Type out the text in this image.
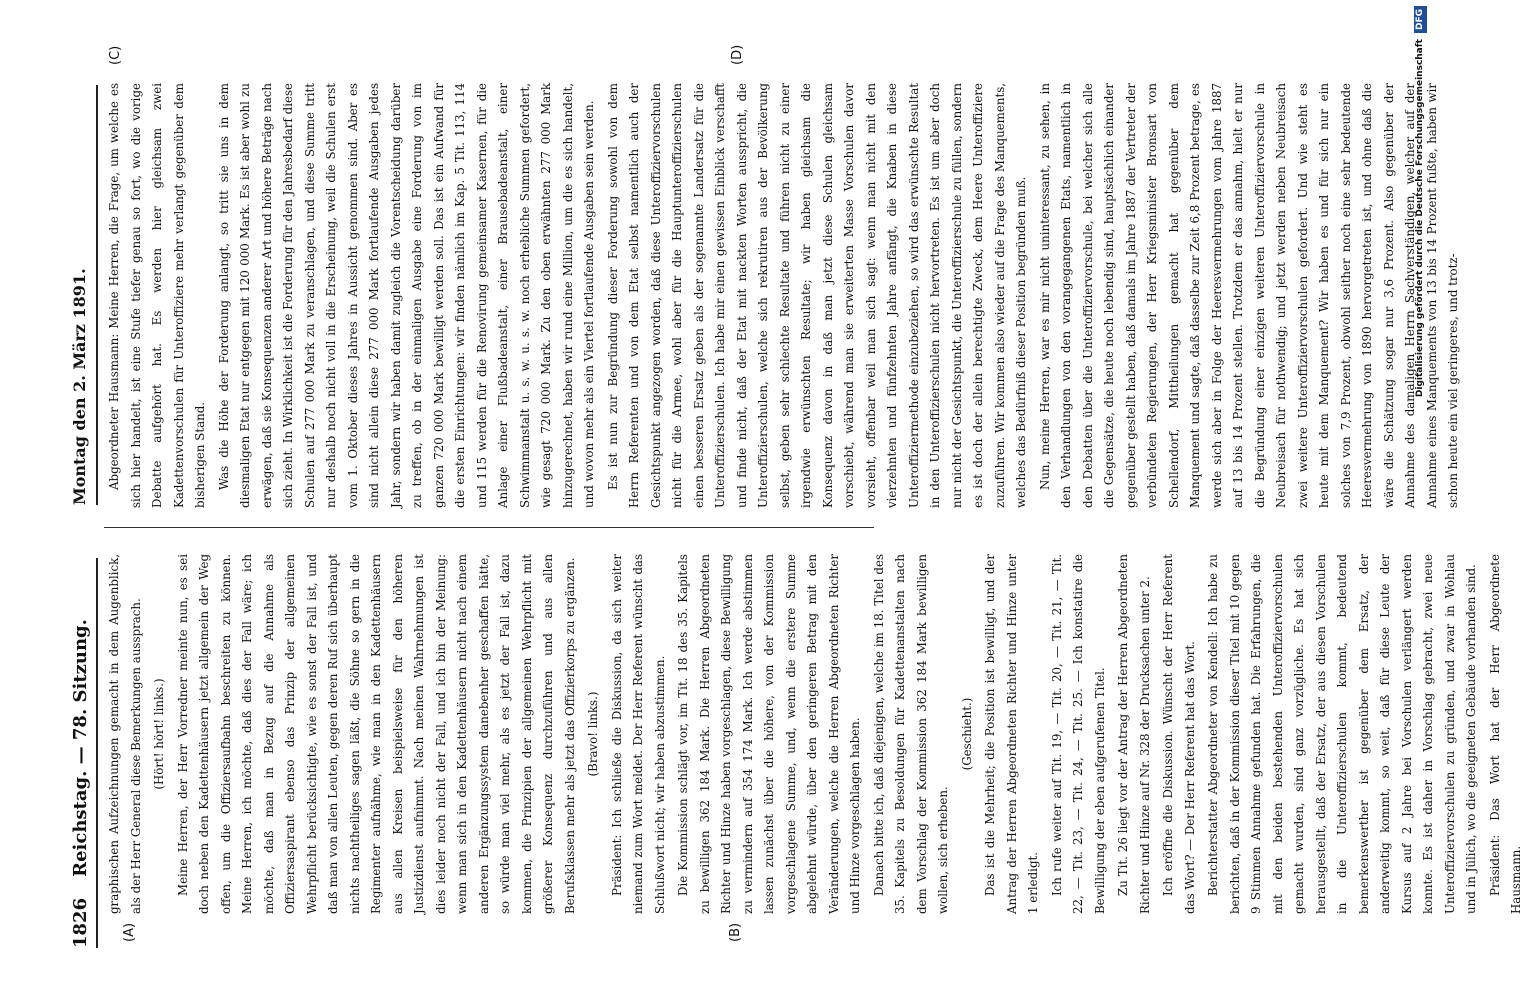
1826
Reichstag. — 78. Sitzung.
Montag den 2. März 1891.
(A)	(B)
(C)	(D)

graphischen Aufzeichnungen gemacht in dem Augenblick, als der Herr General diese Bemerkungen aussprach. (Hört! hört! links.) Meine Herren, der Herr Vorredner meinte nun, es sei doch neben den Kadettenhäusern jetzt allgemein der Weg offen, um die Offiziersaufbahn beschreiten zu können. Meine Herren, ich möchte, daß dies der Fall wäre; ich möchte, daß man in Bezug auf die Annahme als Offiziersaspirant ebenso das Prinzip der allgemeinen Wehrpflicht berücksichtigte, wie es sonst der Fall ist, und daß man von allen Leuten, gegen deren Ruf sich überhaupt nichts nachtheiliges sagen läßt, die Söhne so gern in die Regimenter aufnähme, wie man in den Kadettenhäusern aus allen Kreisen beispielsweise für den höheren Justizdienst aufnimmt. Nach meinen Wahrnehmungen ist dies leider noch nicht der Fall, und ich bin der Meinung: wenn man sich in den Kadettenhäusern nicht nach einem anderen Ergänzungssystem danebenher geschaffen hätte, so würde man viel mehr, als es jetzt der Fall ist, dazu kommen, die Prinzipien der allgemeinen Wehrpflicht mit größerer Konsequenz durchzuführen und aus allen Berufsklassen mehr als jetzt das Offizierkorps zu ergänzen. (Bravo! links.) Präsident: Ich schließe die Diskussion, da sich weiter niemand zum Wort meldet. Der Herr Referent wünscht das Schlußwort nicht; wir haben abzustimmen. Die Kommission schlägt vor, im Tit. 18 des 35. Kapitels zu bewilligen 362 184 Mark. Die Herren Abgeordneten Richter und Hinze haben vorgeschlagen, diese Bewilligung zu vermindern auf 354 174 Mark. Ich werde abstimmen lassen zunächst über die höhere, von der Kommission vorgeschlagene Summe, und, wenn die erstere Summe abgelehnt würde, über den geringeren Betrag mit den Veränderungen, welche die Herren Abgeordneten Richter und Hinze vorgeschlagen haben. Danach bitte ich, daß diejenigen, welche im 18. Titel des 35. Kapitels zu Besoldungen für Kadettenanstalten nach dem Vorschlag der Kommission 362 184 Mark bewilligen wollen, sich erheben.

(Geschieht.) Das ist die Mehrheit; die Position ist bewilligt, und der Antrag der Herren Abgeordneten Richter und Hinze unter 1 erledigt. Ich rufe weiter auf Tit. 19, — Tit. 20, — Tit. 21, — Tit. 22, — Tit. 23, — Tit. 24, — Tit. 25. — Ich konstatire die Bewilligung der eben aufgerufenen Titel. Zu Tit. 26 liegt vor der Antrag der Herren Abgeordneten Richter und Hinze auf Nr. 328 der Drucksachen unter 2. Ich eröffne die Diskussion. Wünscht der Herr Referent das Wort? — Der Herr Referent hat das Wort. Berichterstatter Abgeordneter von Kendell: Ich habe zu berichten, daß in der Kommission dieser Titel mit 10 gegen 9 Stimmen Annahme gefunden hat. Die Erfahrungen, die mit den beiden bestehenden Unteroffiziervorschulen gemacht wurden, sind ganz vorzügliche. Es hat sich herausgestellt, daß der Ersatz, der aus diesen Vorschulen in die Unteroffizierschulen kommt, bedeutend bemerkenswerther ist gegenüber dem Ersatz, der anderweitig kommt, so weit, daß für diese Leute der Kursus auf 2 Jahre bei Vorschulen verlängert werden konnte. Es ist daher in Vorschlag gebracht, zwei neue Unteroffiziervorschulen zu gründen, und zwar in Wohlau und in Jülich, wo die geeigneten Gebäude vorhanden sind. Präsident: Das Wort hat der Herr Abgeordnete Hausmann.

Abgeordneter Hausmann: Meine Herren, die Frage, um welche es sich hier handelt, ist eine Stufe tiefer genau so fort, wo die vorige Debatte aufgehört hat. Es werden hier gleichsam zwei Kadettenvorschulen für Unteroffiziere mehr verlangt gegenüber dem bisherigen Stand. Was die Höhe der Forderung anlangt, so tritt sie uns in dem diesmaligen Etat nur entgegen mit 120 000 Mark. Es ist aber wohl zu erwägen, daß sie Konsequenzen anderer Art und höhere Beträge nach sich zieht. In Wirklichkeit ist die Forderung für den Jahresbedarf diese Schulen auf 277 000 Mark zu veranschlagen, und diese Summe tritt nur deshalb noch nicht voll in die Erscheinung, weil die Schulen erst vom 1. Oktober dieses Jahres in Aussicht genommen sind. Aber es sind nicht allein diese 277 000 Mark fortlaufende Ausgaben jedes Jahr, sondern wir haben damit zugleich die Vorentscheidung darüber zu treffen, ob in der einmaligen Ausgabe eine Forderung von im ganzen 720 000 Mark bewilligt werden soll. Das ist ein Aufwand für die ersten Einrichtungen: wir finden nämlich im Kap. 5 Tit. 113, 114 und 115 werden für die Renovirung gemeinsamer Kasernen, für die Anlage einer Flußbadeanstalt, einer Brausebadeanstalt, einer Schwimmanstalt u. s. w. u. s. w. noch erhebliche Summen gefordert, wie gesagt 720 000 Mark. Zu den oben erwähnten 277 000 Mark hinzugerechnet, haben wir rund eine Million, um die es sich handelt, und wovon mehr als ein Viertel fortlaufende Ausgaben sein werden. Es ist nun zur Begründung dieser Forderung sowohl von dem Herrn Referenten und von dem Etat selbst namentlich auch der Gesichtspunkt angezogen worden, daß diese Unteroffiziervorschulen nicht für die Armee, wohl aber für die Hauptunteroffizierschulen einen besseren Ersatz geben als der sogenannte Landersatz für die Unteroffizierschulen. Ich habe mir einen gewissen Einblick verschafft und finde nicht, daß der Etat mit nackten Worten ausspricht, die Unteroffizierschulen, welche sich rekrutiren aus der Bevölkerung selbst, geben sehr schlechte Resultate und führen nicht zu einer irgendwie erwünschten Resultate; wir haben gleichsam die Konsequenz davon in daß man jetzt diese Schulen gleichsam vorschiebt, während man sie erweiterten Masse Vorschulen davor vorsieht, offenbar weil man sich sagt: wenn man nicht mit den vierzehnten und fünfzehnten Jahre anfängt, die Knaben in diese Unteroffiziermethode einzubeziehen, so wird das erwünschte Resultat in den Unteroffizierschulen nicht hervortreten. Es ist um aber doch nur nicht der Gesichtspunkt, die Unteroffizierschule zu füllen, sondern es ist doch der allein berechtigte Zweck, dem Heere Unteroffiziere zuzuführen. Wir kommen also wieder auf die Frage des Manquements, welches das Bedürfniß dieser Position begründen muß. Nun, meine Herren, war es mir nicht uninteressant, zu sehen, in den Verhandlungen von den vorangegangenen Etats, namentlich in den Debatten über die Unteroffiziervorschule, bei welcher sich alle die Gegensätze, die heute noch lebendig sind, hauptsächlich einander gegenüber gestellt haben, daß damals im Jahre 1887 der Vertreter der verbündeten Regierungen, der Herr Kriegsminister Bronsart von Schellendorf, Mittheilungen gemacht hat gegenüber dem Manquement und sagte, daß dasselbe zur Zeit 6,8 Prozent betrage, es werde sich aber in Folge der Heeresvermehrungen vom Jahre 1887 auf 13 bis 14 Prozent stellen. Trotzdem er das annahm, hielt er nur die Begründung einer einzigen weiteren Unteroffiziervorschule in Neubreisach für nothwendig; und jetzt werden neben Neubreisach zwei weitere Unteroffiziervorschulen gefordert. Und wie steht es heute mit dem Manquement? Wir haben es und für sich nur ein solches von 7,9 Prozent, obwohl seither noch eine sehr bedeutende Heeresvermehrung von 1890 hervorgetreten ist, und ohne daß die wäre die Schätzung sogar nur 3,6 Prozent. Also gegenüber der Annahme des damaligen Herrn Sachverständigen, welcher auf der Annahme eines Manquements von 13 bis 14 Prozent fußte, haben wir schon heute ein viel geringeres, und trotz-

Digitalisierung gefördert durch die Deutsche ForschungsgemeinschaftDFG
